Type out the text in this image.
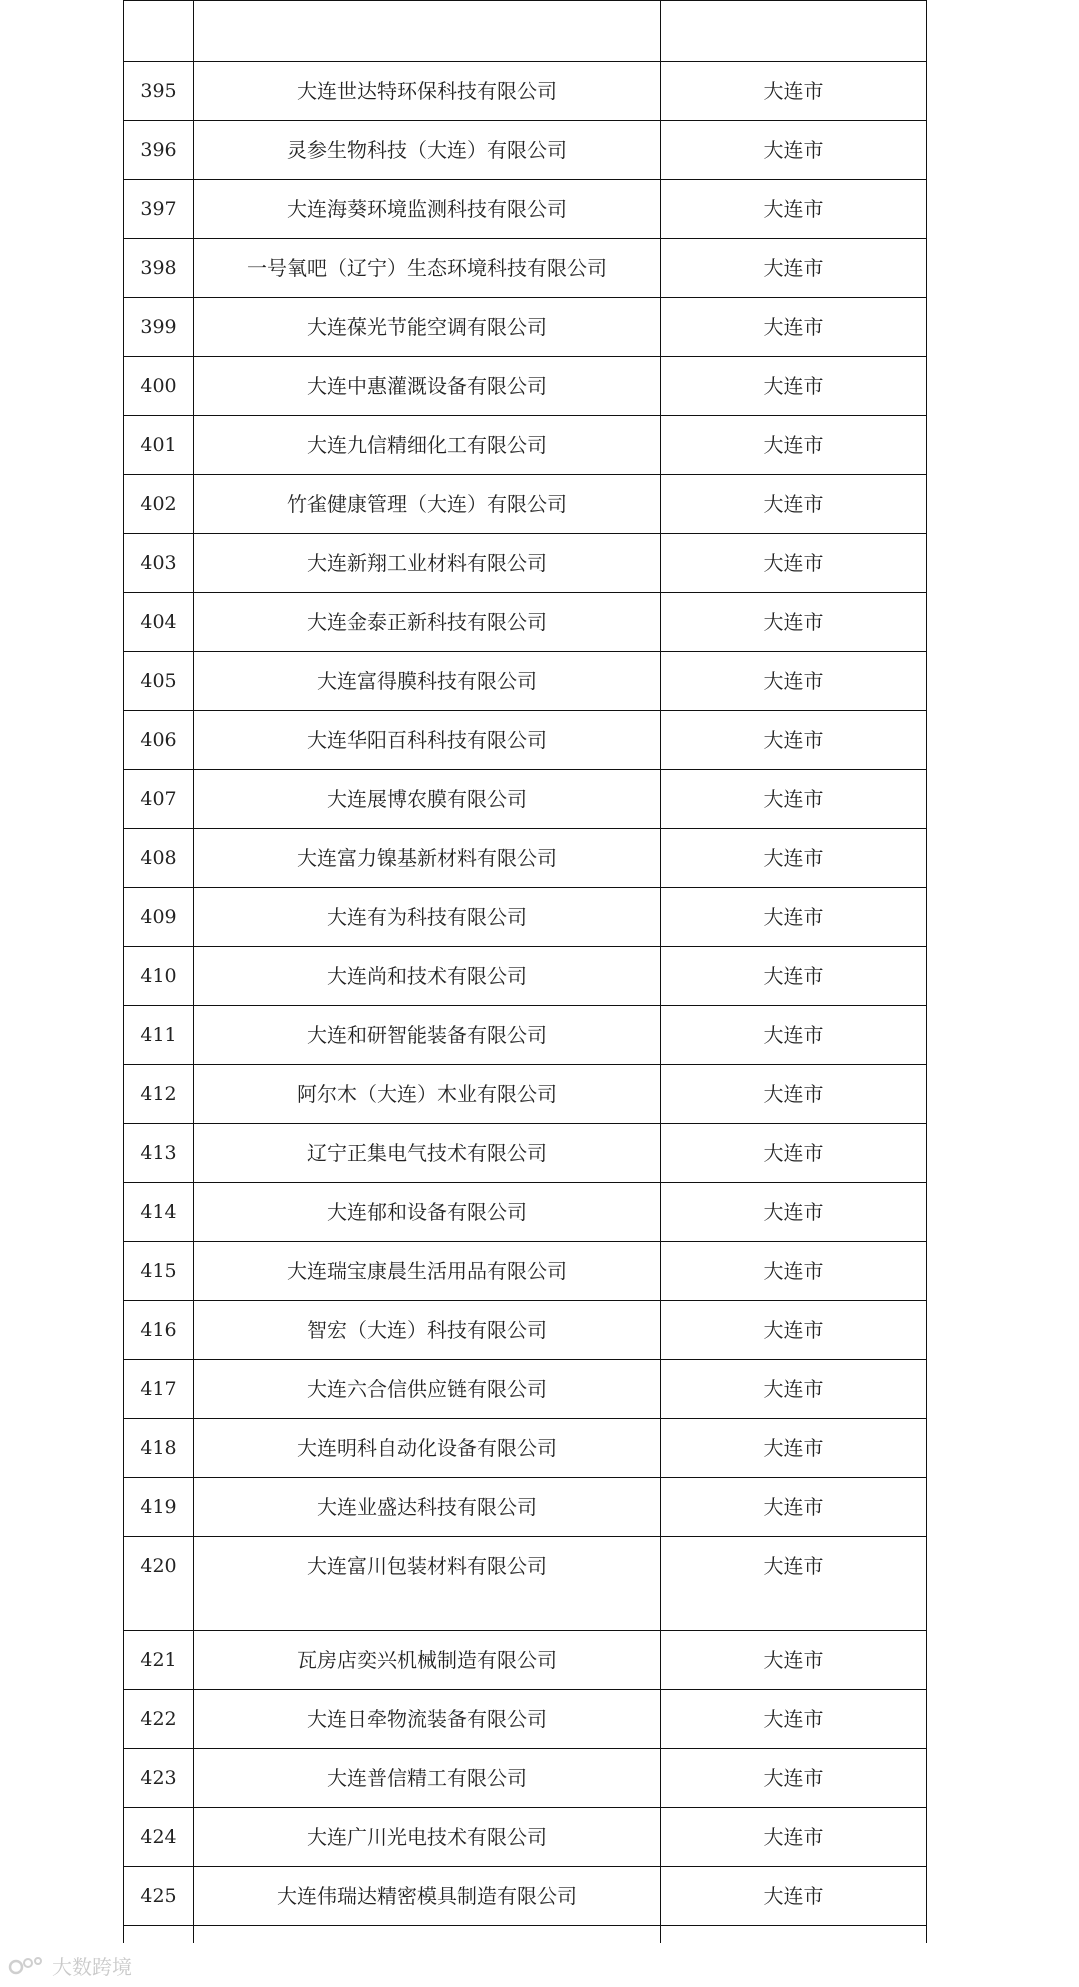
395	大连世达特环保科技有限公司	大连市
396	灵参生物科技（大连）有限公司	大连市
397	大连海葵环境监测科技有限公司	大连市
398	一号氧吧（辽宁）生态环境科技有限公司	大连市
399	大连葆光节能空调有限公司	大连市
400	大连中惠灌溉设备有限公司	大连市
401	大连九信精细化工有限公司	大连市
402	竹雀健康管理（大连）有限公司	大连市
403	大连新翔工业材料有限公司	大连市
404	大连金泰正新科技有限公司	大连市
405	大连富得膜科技有限公司	大连市
406	大连华阳百科科技有限公司	大连市
407	大连展博农膜有限公司	大连市
408	大连富力镍基新材料有限公司	大连市
409	大连有为科技有限公司	大连市
410	大连尚和技术有限公司	大连市
411	大连和研智能装备有限公司	大连市
412	阿尔木（大连）木业有限公司	大连市
413	辽宁正集电气技术有限公司	大连市
414	大连郁和设备有限公司	大连市
415	大连瑞宝康晨生活用品有限公司	大连市
416	智宏（大连）科技有限公司	大连市
417	大连六合信供应链有限公司	大连市
418	大连明科自动化设备有限公司	大连市
419	大连业盛达科技有限公司	大连市
420	大连富川包装材料有限公司	大连市
421	瓦房店奕兴机械制造有限公司	大连市
422	大连日牵物流装备有限公司	大连市
423	大连普信精工有限公司	大连市
424	大连广川光电技术有限公司	大连市
425	大连伟瑞达精密模具制造有限公司	大连市

大数跨境
